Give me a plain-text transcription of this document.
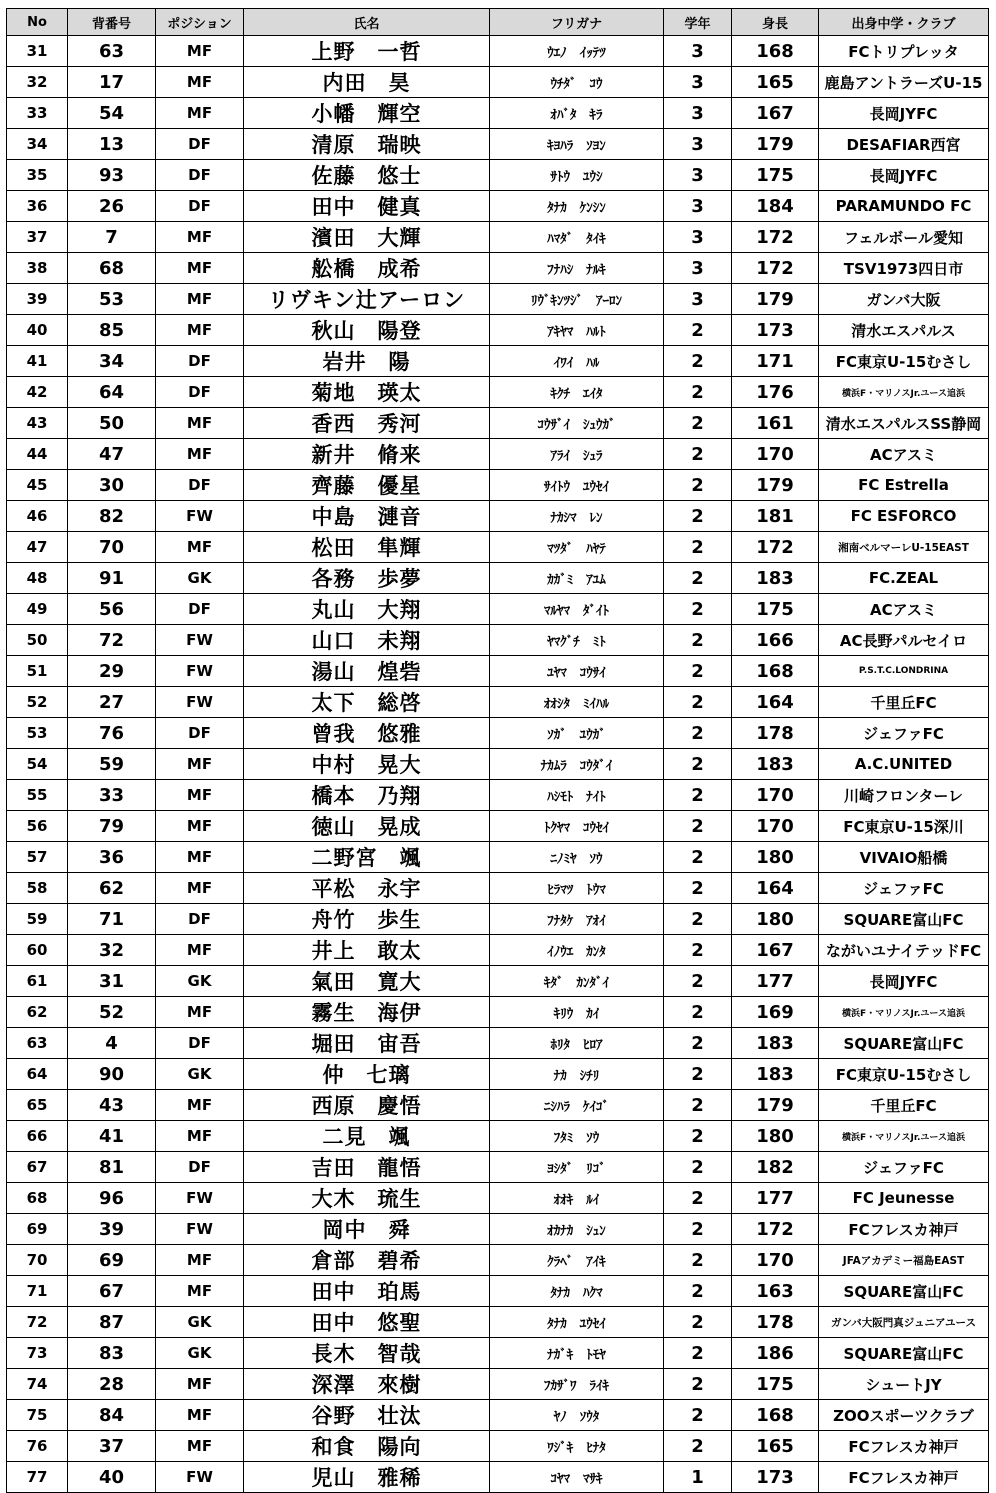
No	背番号	ポジション	氏名	フリガナ	学年	身長	出身中学・クラブ
31	63	MF	上野　一哲	ｳｴﾉ　ｲｯﾃﾂ	3	168	FCトリプレッタ
32	17	MF	内田　昊	ｳﾁﾀﾞ　ｺｳ	3	165	鹿島アントラーズU-15
33	54	MF	小幡　輝空	ｵﾊﾞﾀ　ｷﾗ	3	167	長岡JYFC
34	13	DF	清原　瑞映	ｷﾖﾊﾗ　ｿﾖﾝ	3	179	DESAFIAR西宮
35	93	DF	佐藤　悠士	ｻﾄｳ　ﾕｳｼ	3	175	長岡JYFC
36	26	DF	田中　健真	ﾀﾅｶ　ｹﾝｼﾝ	3	184	PARAMUNDO FC
37	7	MF	濱田　大輝	ﾊﾏﾀﾞ　ﾀｲｷ	3	172	フェルボール愛知
38	68	MF	舩橋　成希	ﾌﾅﾊｼ　ﾅﾙｷ	3	172	TSV1973四日市
39	53	MF	リヴキン辻アーロン	ﾘｳﾞｷﾝﾂｼﾞ　ｱｰﾛﾝ	3	179	ガンバ大阪
40	85	MF	秋山　陽登	ｱｷﾔﾏ　ﾊﾙﾄ	2	173	清水エスパルス
41	34	DF	岩井　陽	ｲﾜｲ　ﾊﾙ	2	171	FC東京U-15むさし
42	64	DF	菊地　瑛太	ｷｸﾁ　ｴｲﾀ	2	176	横浜F・マリノスJr.ユース追浜
43	50	MF	香西　秀河	ｺｳｻﾞｲ　ｼｭｳｶﾞ	2	161	清水エスパルスSS静岡
44	47	MF	新井　脩来	ｱﾗｲ　ｼｭﾗ	2	170	ACアスミ
45	30	DF	齊藤　優星	ｻｲﾄｳ　ﾕｳｾｲ	2	179	FC Estrella
46	82	FW	中島　漣音	ﾅｶｼﾏ　ﾚﾝ	2	181	FC ESFORCO
47	70	MF	松田　隼輝	ﾏﾂﾀﾞ　ﾊﾔﾃ	2	172	湘南ベルマーレU-15EAST
48	91	GK	各務　歩夢	ｶｶﾞﾐ　ｱﾕﾑ	2	183	FC.ZEAL
49	56	DF	丸山　大翔	ﾏﾙﾔﾏ　ﾀﾞｲﾄ	2	175	ACアスミ
50	72	FW	山口　未翔	ﾔﾏｸﾞﾁ　ﾐﾄ	2	166	AC長野パルセイロ
51	29	FW	湯山　煌砦	ﾕﾔﾏ　ｺｳｻｲ	2	168	P.S.T.C.LONDRINA
52	27	FW	太下　総啓	ｵｵｼﾀ　ﾐｲﾊﾙ	2	164	千里丘FC
53	76	DF	曾我　悠雅	ｿｶﾞ　ﾕｳｶﾞ	2	178	ジェファFC
54	59	MF	中村　晃大	ﾅｶﾑﾗ　ｺｳﾀﾞｲ	2	183	A.C.UNITED
55	33	MF	橋本　乃翔	ﾊｼﾓﾄ　ﾅｲﾄ	2	170	川崎フロンターレ
56	79	MF	徳山　晃成	ﾄｸﾔﾏ　ｺｳｾｲ	2	170	FC東京U-15深川
57	36	MF	二野宮　颯	ﾆﾉﾐﾔ　ｿｳ	2	180	VIVAIO船橋
58	62	MF	平松　永宇	ﾋﾗﾏﾂ　ﾄｳﾏ	2	164	ジェファFC
59	71	DF	舟竹　歩生	ﾌﾅﾀｹ　ｱｵｲ	2	180	SQUARE富山FC
60	32	MF	井上　敢太	ｲﾉｳｴ　ｶﾝﾀ	2	167	ながいユナイテッドFC
61	31	GK	氣田　寛大	ｷﾀﾞ　ｶﾝﾀﾞｲ	2	177	長岡JYFC
62	52	MF	霧生　海伊	ｷﾘｳ　ｶｲ	2	169	横浜F・マリノスJr.ユース追浜
63	4	DF	堀田　宙吾	ﾎﾘﾀ　ﾋﾛｱ	2	183	SQUARE富山FC
64	90	GK	仲　七璃	ﾅｶ　ｼﾁﾘ	2	183	FC東京U-15むさし
65	43	MF	西原　慶悟	ﾆｼﾊﾗ　ｹｲｺﾞ	2	179	千里丘FC
66	41	MF	二見　颯	ﾌﾀﾐ　ｿｳ	2	180	横浜F・マリノスJr.ユース追浜
67	81	DF	吉田　龍悟	ﾖｼﾀﾞ　ﾘｺﾞ	2	182	ジェファFC
68	96	FW	大木　琉生	ｵｵｷ　ﾙｲ	2	177	FC Jeunesse
69	39	FW	岡中　舜	ｵｶﾅｶ　ｼｭﾝ	2	172	FCフレスカ神戸
70	69	MF	倉部　碧希	ｸﾗﾍﾞ　ｱｲｷ	2	170	JFAアカデミー福島EAST
71	67	MF	田中　珀馬	ﾀﾅｶ　ﾊｸﾏ	2	163	SQUARE富山FC
72	87	GK	田中　悠聖	ﾀﾅｶ　ﾕｳｾｲ	2	178	ガンバ大阪門真ジュニアユース
73	83	GK	長木　智哉	ﾅｶﾞｷ　ﾄﾓﾔ	2	186	SQUARE富山FC
74	28	MF	深澤　來樹	ﾌｶｻﾞﾜ　ﾗｲｷ	2	175	シュートJY
75	84	MF	谷野　壮汰	ﾔﾉ　ｿｳﾀ	2	168	ZOOスポーツクラブ
76	37	MF	和食　陽向	ﾜｼﾞｷ　ﾋﾅﾀ	2	165	FCフレスカ神戸
77	40	FW	児山　雅稀	ｺﾔﾏ　ﾏｻｷ	1	173	FCフレスカ神戸
